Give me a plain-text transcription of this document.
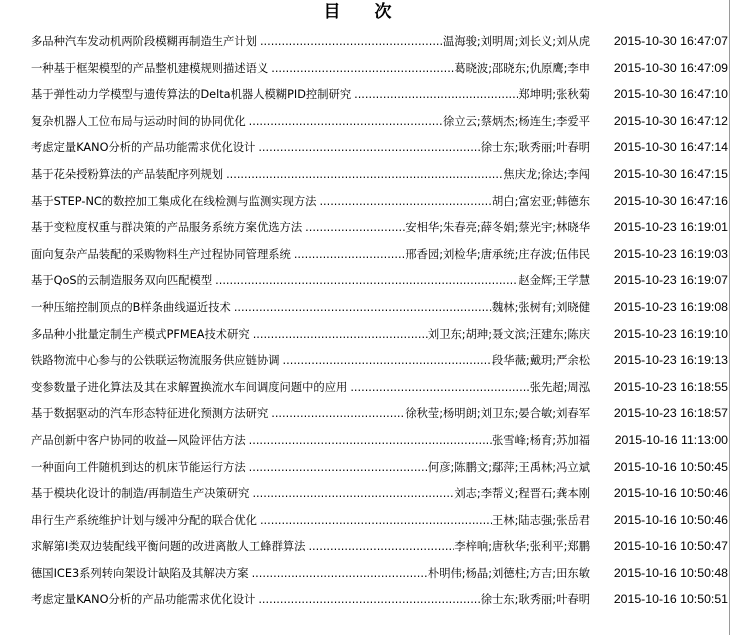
目 次
多品种汽车发动机两阶段模糊再制造生产计划 .....	温海骏;刘明周;刘长义;刘从虎	2015-10-30 16:47:07
一种基于框架模型的产品整机建模规则描述语义 .....	葛晓波;邵晓东;仇原鹰;李申	2015-10-30 16:47:09
基于弹性动力学模型与遗传算法的Delta机器人模糊PID控制研究 .....	郑坤明;张秋菊	2015-10-30 16:47:10
复杂机器人工位布局与运动时间的协同优化 .....	徐立云;蔡炳杰;杨连生;李爱平	2015-10-30 16:47:12
考虑定量KANO分析的产品功能需求优化设计 .....	徐士东;耿秀丽;叶春明	2015-10-30 16:47:14
基于花朵授粉算法的产品装配序列规划 .....	焦庆龙;徐达;李闯	2015-10-30 16:47:15
基于STEP-NC的数控加工集成化在线检测与监测实现方法 .....	胡白;富宏亚;韩德东	2015-10-30 16:47:16
基于变粒度权重与群决策的产品服务系统方案优选方法 .....	安相华;朱春亮;薛冬娟;蔡光宇;林晓华	2015-10-23 16:19:01
面向复杂产品装配的采购物料生产过程协同管理系统 .....	邢香园;刘检华;唐承统;庄存波;伍伟民	2015-10-23 16:19:03
基于QoS的云制造服务双向匹配模型 .....	赵金辉;王学慧	2015-10-23 16:19:07
一种压缩控制顶点的B样条曲线逼近技术 .....	魏林;张树有;刘晓健	2015-10-23 16:19:08
多品种小批量定制生产模式PFMEA技术研究 .....	刘卫东;胡珅;聂文滨;汪建东;陈庆	2015-10-23 16:19:10
铁路物流中心参与的公铁联运物流服务供应链协调 .....	段华薇;戴玥;严余松	2015-10-23 16:19:13
变参数量子进化算法及其在求解置换流水车间调度问题中的应用 .....	张先超;周泓	2015-10-23 16:18:55
基于数据驱动的汽车形态特征进化预测方法研究 .....	徐秋莹;杨明朗;刘卫东;晏合敏;刘春军	2015-10-23 16:18:57
产品创新中客户协同的收益—风险评估方法 .....	张雪峰;杨育;苏加福	2015-10-16 11:13:00
一种面向工件随机到达的机床节能运行方法 .....	何彦;陈鹏文;鄢萍;王禹林;冯立斌	2015-10-16 10:50:45
基于模块化设计的制造/再制造生产决策研究 .....	刘志;李帮义;程晋石;龚本刚	2015-10-16 10:50:46
串行生产系统维护计划与缓冲分配的联合优化 .....	王林;陆志强;张岳君	2015-10-16 10:50:46
求解第I类双边装配线平衡问题的改进离散人工蜂群算法 .....	李梓响;唐秋华;张利平;郑鹏	2015-10-16 10:50:47
德国ICE3系列转向架设计缺陷及其解决方案 .....	朴明伟;杨晶;刘德柱;方吉;田东敏	2015-10-16 10:50:48
考虑定量KANO分析的产品功能需求优化设计 .....	徐士东;耿秀丽;叶春明	2015-10-16 10:50:51
